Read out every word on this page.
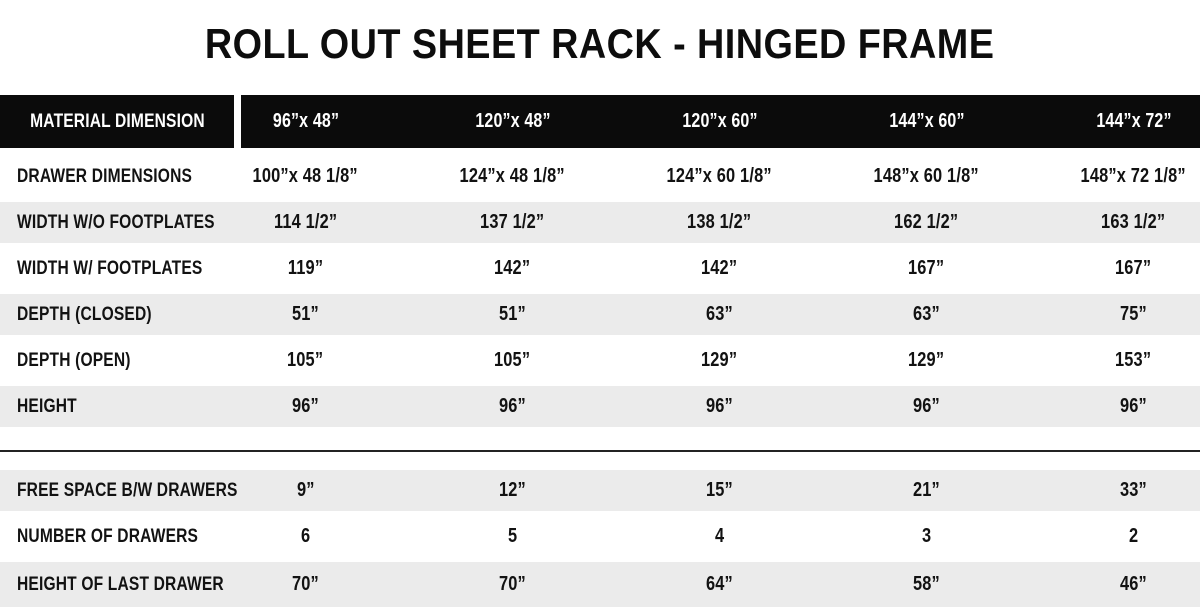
ROLL OUT SHEET RACK - HINGED FRAME
MATERIAL DIMENSION	96”x 48”	120”x 48”	120”x 60”	144”x 60”	144”x 72”
DRAWER DIMENSIONS	100”x 48 1/8”	124”x 48 1/8”	124”x 60 1/8”	148”x 60 1/8”	148”x 72 1/8”
WIDTH W/O FOOTPLATES	114 1/2”	137 1/2”	138 1/2”	162 1/2”	163 1/2”
WIDTH W/ FOOTPLATES	119”	142”	142”	167”	167”
DEPTH (CLOSED)	51”	51”	63”	63”	75”
DEPTH (OPEN)	105”	105”	129”	129”	153”
HEIGHT	96”	96”	96”	96”	96”
FREE SPACE B/W DRAWERS	9”	12”	15”	21”	33”
NUMBER OF DRAWERS	6	5	4	3	2
HEIGHT OF LAST DRAWER	70”	70”	64”	58”	46”
